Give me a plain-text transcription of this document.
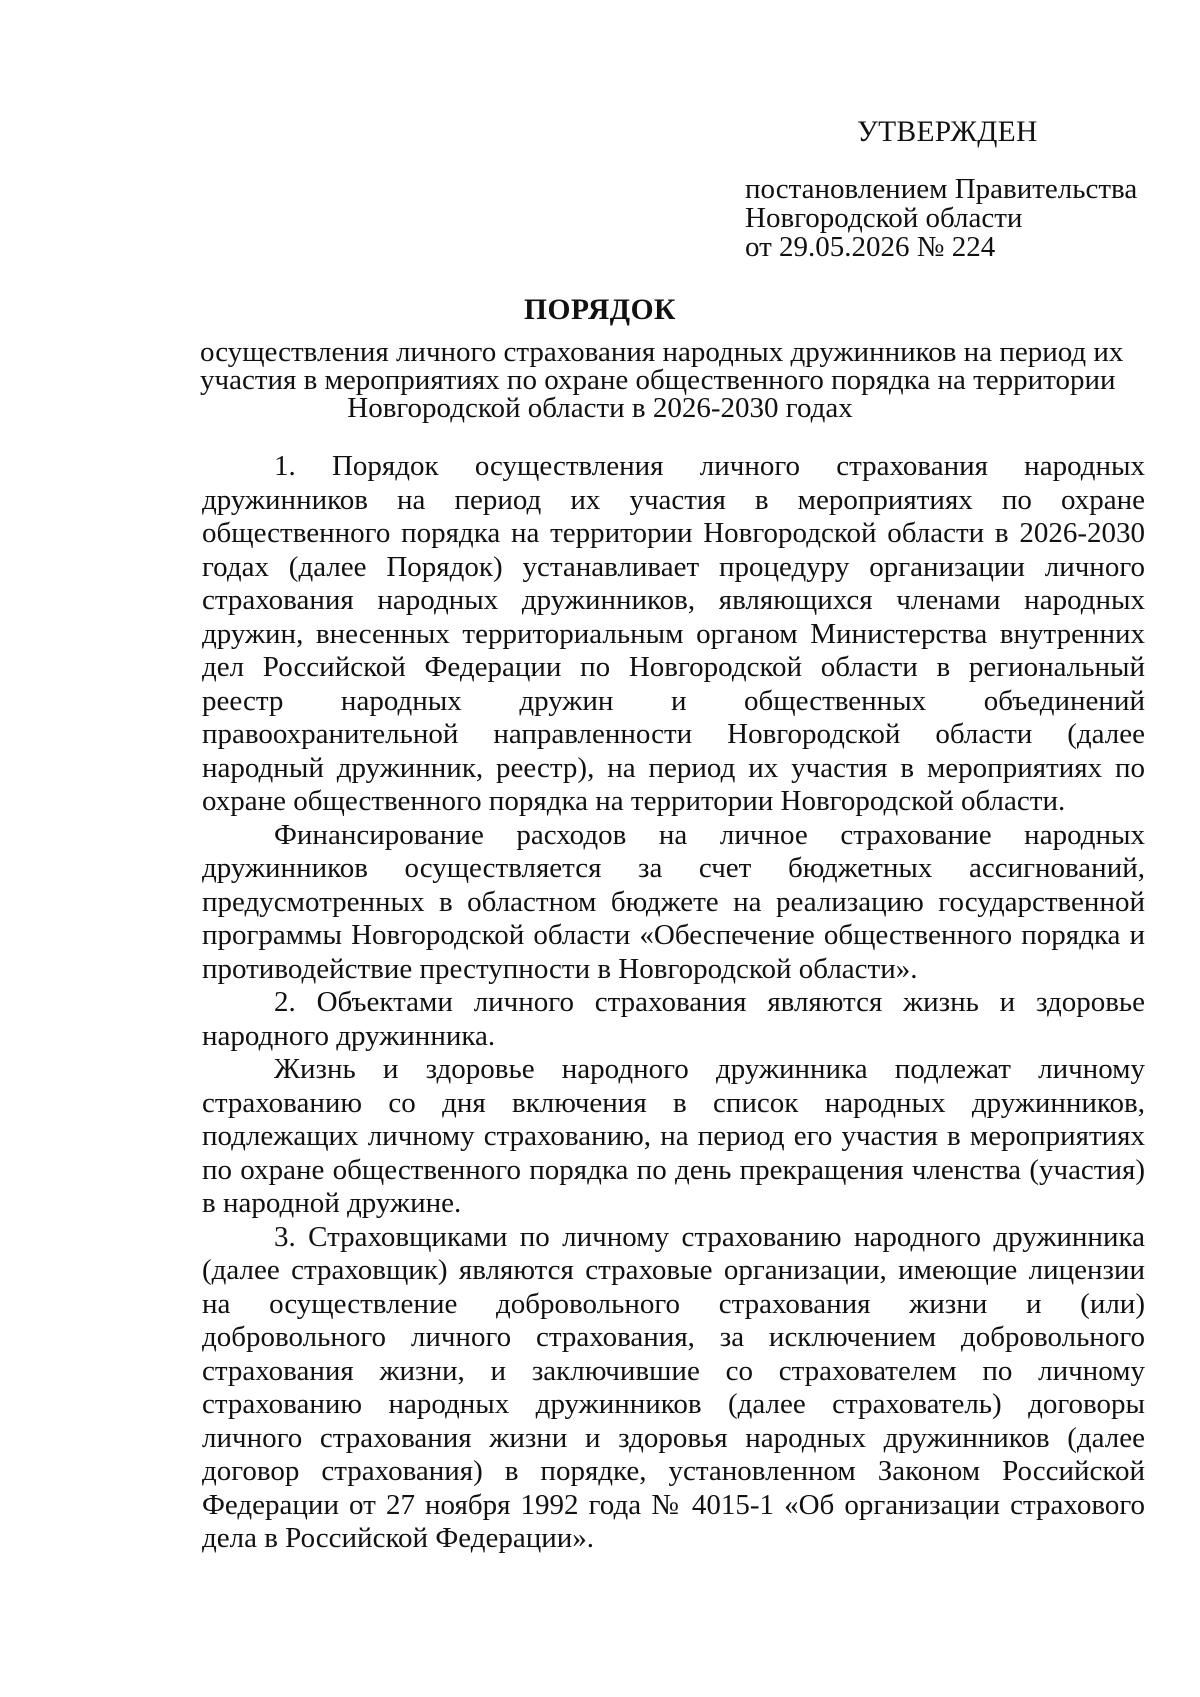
УТВЕРЖДЕН
постановлением Правительства
Новгородской области
от 29.05.2026 № 224
ПОРЯДОК
осуществления личного страхования народных дружинников на период их
участия в мероприятиях по охране общественного порядка на территории
Новгородской области в 2026-2030 годах

1. Порядок осуществления личного страхования народных дружинников на период их участия в мероприятиях по охране общественного порядка на территории Новгородской области в 2026-2030 годах (далее Порядок) устанавливает процедуру организации личного страхования народных дружинников, являющихся членами народных дружин, внесенных территориальным органом Министерства внутренних дел Российской Федерации по Новгородской области в региональный реестр народных дружин и общественных объединений правоохранительной направленности Новгородской области (далее народный дружинник, реестр), на период их участия в мероприятиях по охране общественного порядка на территории Новгородской области.

Финансирование расходов на личное страхование народных дружинников осуществляется за счет бюджетных ассигнований, предусмотренных в областном бюджете на реализацию государственной программы Новгородской области «Обеспечение общественного порядка и противодействие преступности в Новгородской области».

2. Объектами личного страхования являются жизнь и здоровье народного дружинника.

Жизнь и здоровье народного дружинника подлежат личному страхованию со дня включения в список народных дружинников, подлежащих личному страхованию, на период его участия в мероприятиях по охране общественного порядка по день прекращения членства (участия) в народной дружине.

3. Страховщиками по личному страхованию народного дружинника (далее страховщик) являются страховые организации, имеющие лицензии на осуществление добровольного страхования жизни и (или) добровольного личного страхования, за исключением добровольного страхования жизни, и заключившие со страхователем по личному страхованию народных дружинников (далее страхователь) договоры личного страхования жизни и здоровья народных дружинников (далее договор страхования) в порядке, установленном Законом Российской Федерации от 27 ноября 1992 года № 4015-1 «Об организации страхового дела в Российской Федерации».
